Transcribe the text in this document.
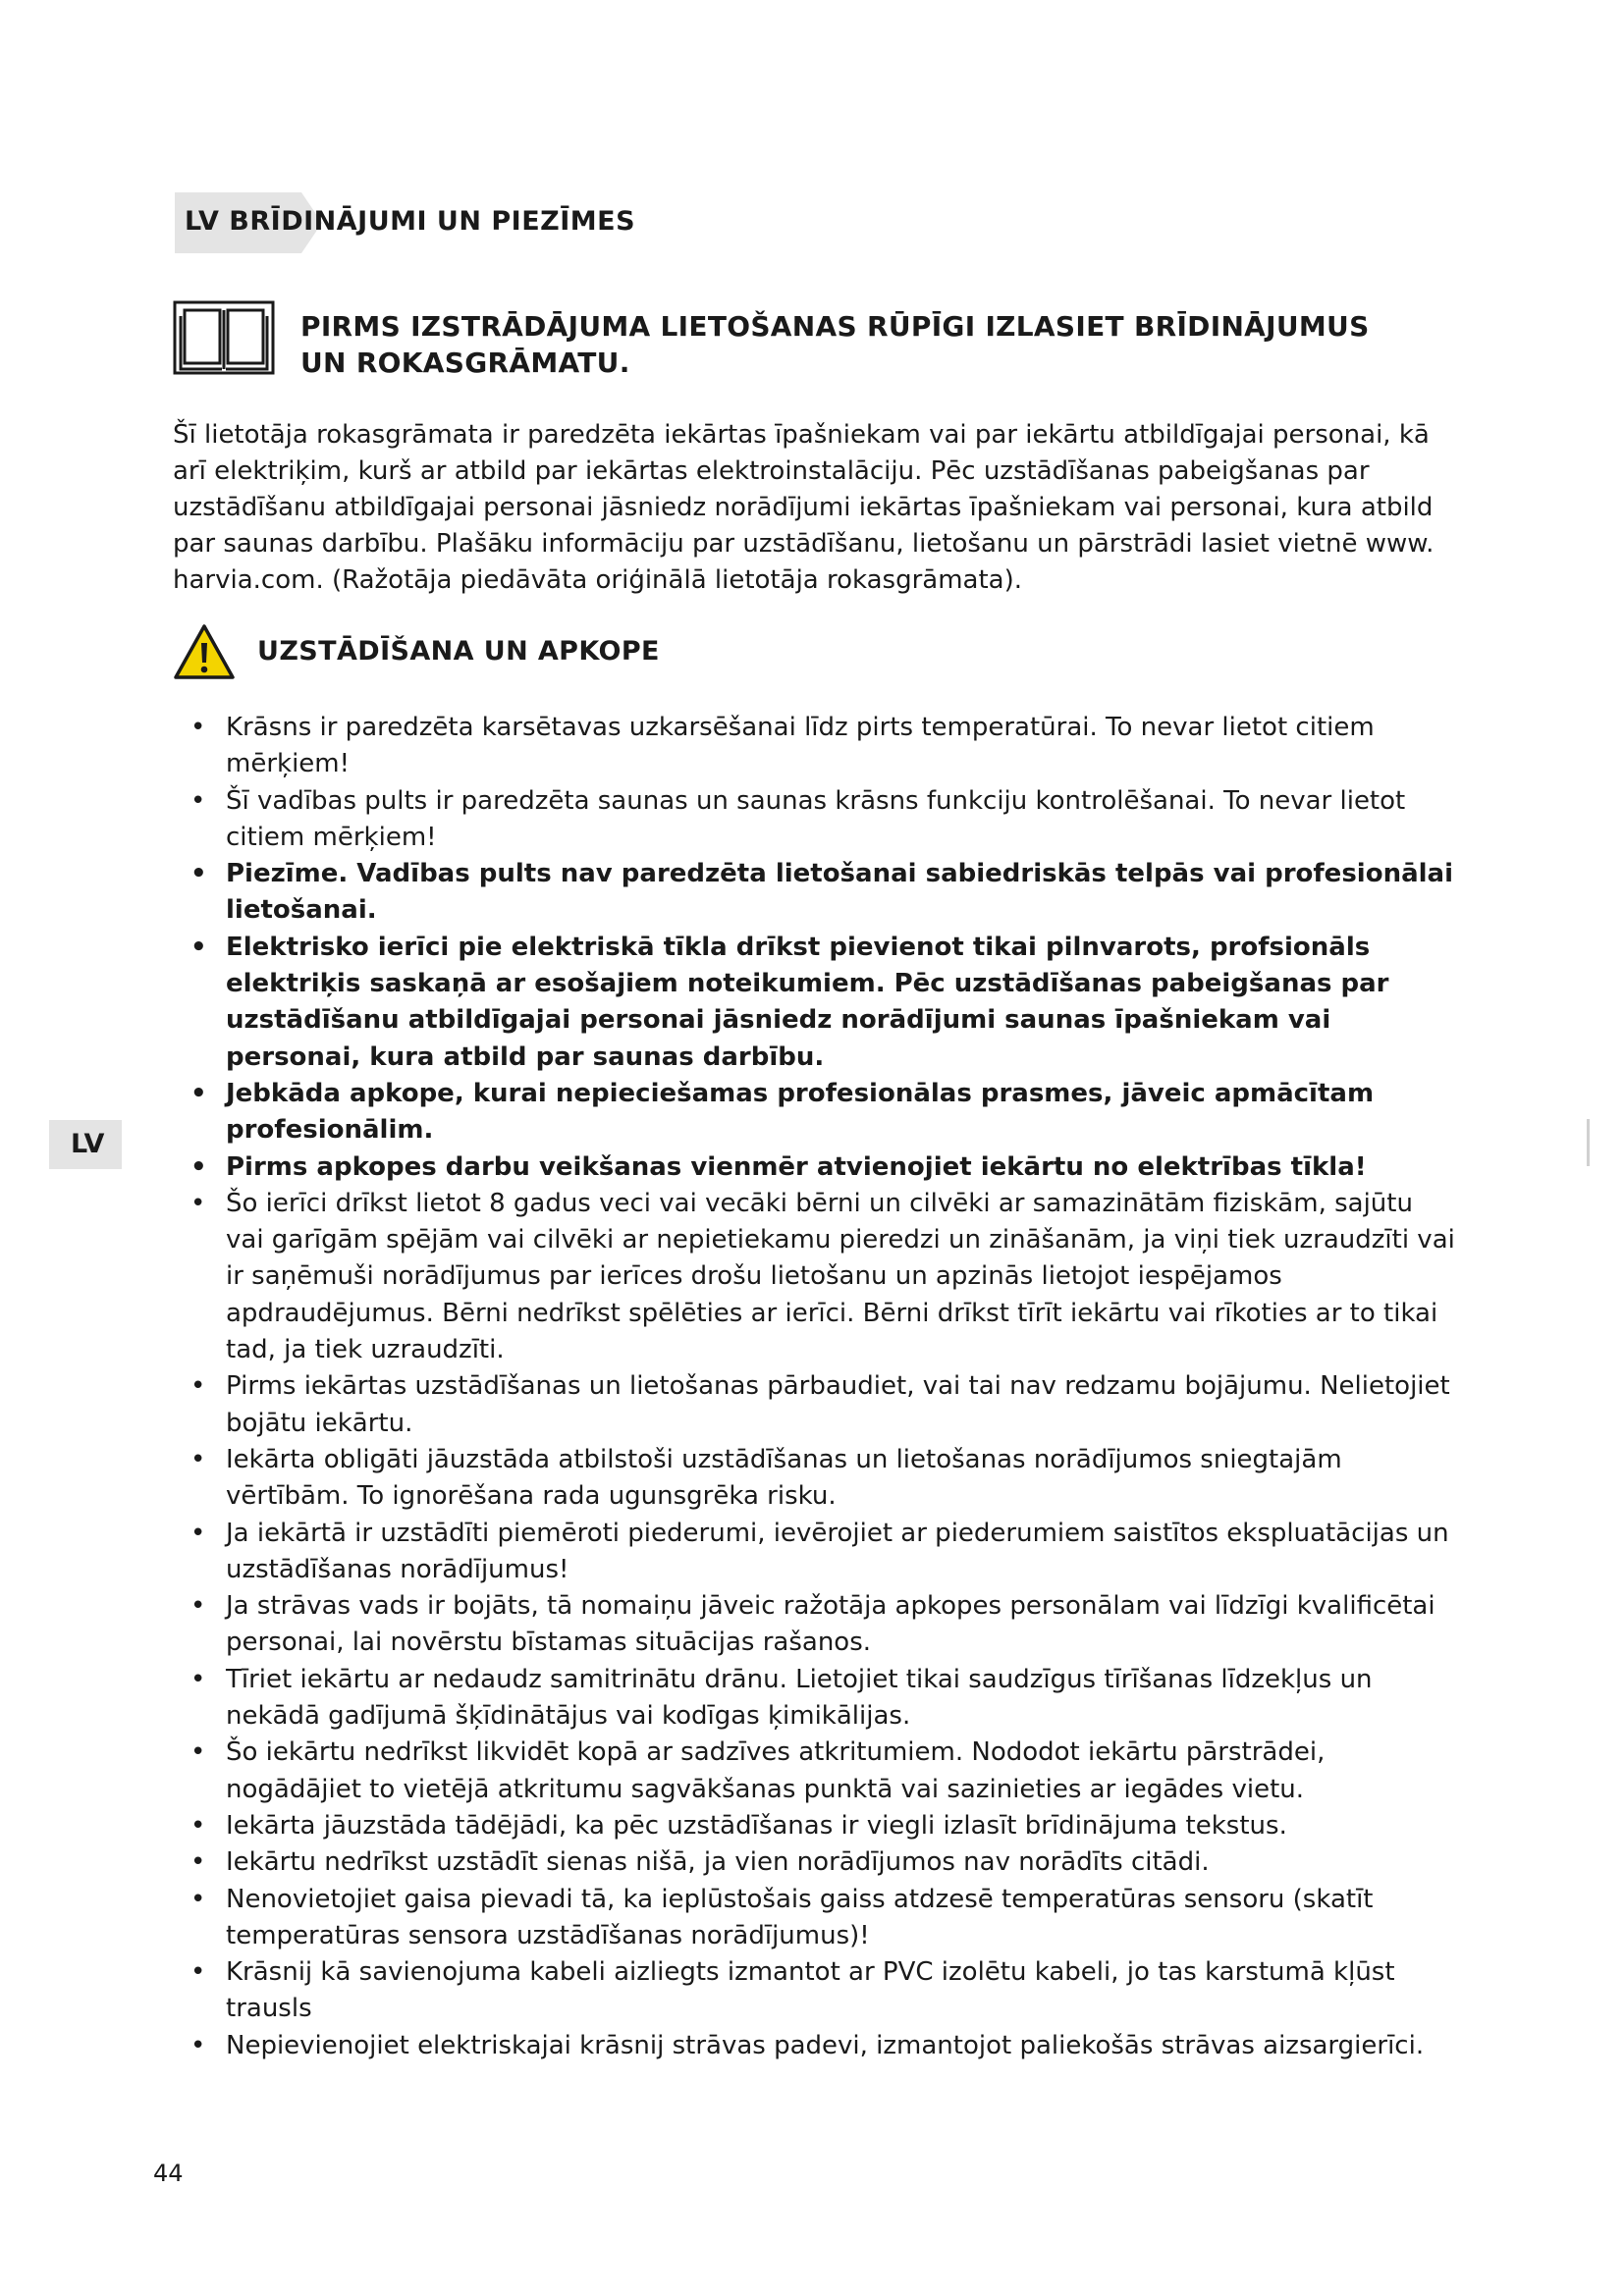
LV BRĪDINĀJUMI UN PIEZĪMES
PIRMS IZSTRĀDĀJUMA LIETOŠANAS RŪPĪGI IZLASIET BRĪDINĀJUMUS UN ROKASGRĀMATU.

Šī lietotāja rokasgrāmata ir paredzēta iekārtas īpašniekam vai par iekārtu atbildīgajai personai, kā arī elektriķim, kurš ar atbild par iekārtas elektroinstalāciju. Pēc uzstādīšanas pabeigšanas par uzstādīšanu atbildīgajai personai jāsniedz norādījumi iekārtas īpašniekam vai personai, kura atbild par saunas darbību. Plašāku informāciju par uzstādīšanu, lietošanu un pārstrādi lasiet vietnē www. harvia.com. (Ražotāja piedāvāta oriģinālā lietotāja rokasgrāmata).

UZSTĀDĪŠANA UN APKOPE
• Krāsns ir paredzēta karsētavas uzkarsēšanai līdz pirts temperatūrai. To nevar lietot citiem mērķiem!
• Šī vadības pults ir paredzēta saunas un saunas krāsns funkciju kontrolēšanai. To nevar lietot citiem mērķiem!
• Piezīme. Vadības pults nav paredzēta lietošanai sabiedriskās telpās vai profesionālai lietošanai.
• Elektrisko ierīci pie elektriskā tīkla drīkst pievienot tikai pilnvarots, profsionāls elektriķis saskaņā ar esošajiem noteikumiem. Pēc uzstādīšanas pabeigšanas par uzstādīšanu atbildīgajai personai jāsniedz norādījumi saunas īpašniekam vai personai, kura atbild par saunas darbību.
• Jebkāda apkope, kurai nepieciešamas profesionālas prasmes, jāveic apmācītam profesionālim.
• Pirms apkopes darbu veikšanas vienmēr atvienojiet iekārtu no elektrības tīkla!
• Šo ierīci drīkst lietot 8 gadus veci vai vecāki bērni un cilvēki ar samazinātām fiziskām, sajūtu vai garīgām spējām vai cilvēki ar nepietiekamu pieredzi un zināšanām, ja viņi tiek uzraudzīti vai ir saņēmuši norādījumus par ierīces drošu lietošanu un apzinās lietojot iespējamos apdraudējumus. Bērni nedrīkst spēlēties ar ierīci. Bērni drīkst tīrīt iekārtu vai rīkoties ar to tikai tad, ja tiek uzraudzīti.
• Pirms iekārtas uzstādīšanas un lietošanas pārbaudiet, vai tai nav redzamu bojājumu. Nelietojiet bojātu iekārtu.
• Iekārta obligāti jāuzstāda atbilstoši uzstādīšanas un lietošanas norādījumos sniegtajām vērtībām. To ignorēšana rada ugunsgrēka risku.
• Ja iekārtā ir uzstādīti piemēroti piederumi, ievērojiet ar piederumiem saistītos ekspluatācijas un uzstādīšanas norādījumus!
• Ja strāvas vads ir bojāts, tā nomaiņu jāveic ražotāja apkopes personālam vai līdzīgi kvalificētai personai, lai novērstu bīstamas situācijas rašanos.
• Tīriet iekārtu ar nedaudz samitrinātu drānu. Lietojiet tikai saudzīgus tīrīšanas līdzekļus un nekādā gadījumā šķīdinātājus vai kodīgas ķimikālijas.
• Šo iekārtu nedrīkst likvidēt kopā ar sadzīves atkritumiem. Nododot iekārtu pārstrādei, nogādājiet to vietējā atkritumu sagvākšanas punktā vai sazinieties ar iegādes vietu.
• Iekārta jāuzstāda tādējādi, ka pēc uzstādīšanas ir viegli izlasīt brīdinājuma tekstus.
• Iekārtu nedrīkst uzstādīt sienas nišā, ja vien norādījumos nav norādīts citādi.
• Nenovietojiet gaisa pievadi tā, ka ieplūstošais gaiss atdzesē temperatūras sensoru (skatīt temperatūras sensora uzstādīšanas norādījumus)!
• Krāsnij kā savienojuma kabeli aizliegts izmantot ar PVC izolētu kabeli, jo tas karstumā kļūst trausls
• Nepievienojiet elektriskajai krāsnij strāvas padevi, izmantojot paliekošās strāvas aizsargierīci.
LV
44
